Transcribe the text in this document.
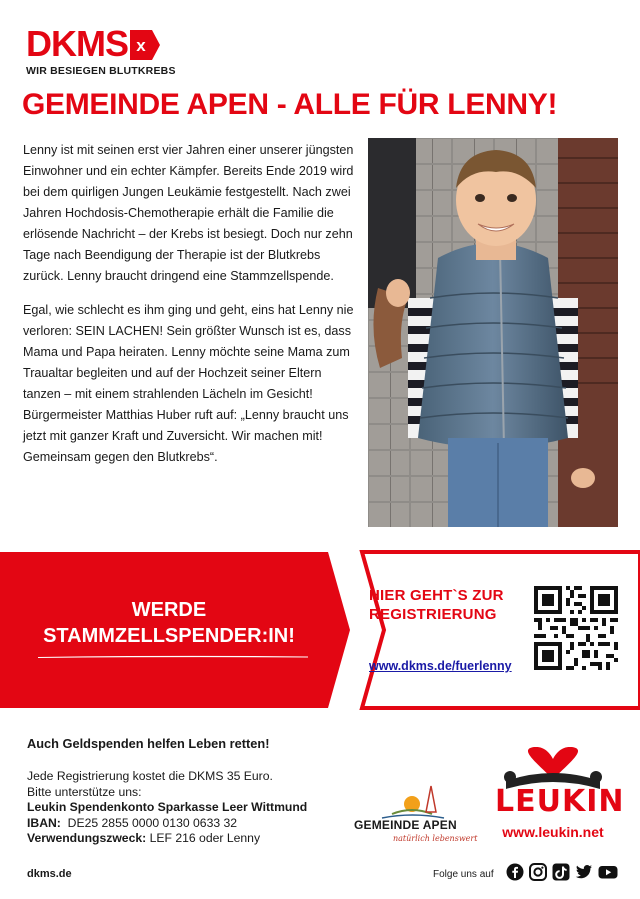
DKMS x
WIR BESIEGEN BLUTKREBS
GEMEINDE APEN - ALLE FÜR LENNY!

Lenny ist mit seinen erst vier Jahren einer unserer jüngsten Einwohner und ein echter Kämpfer. Bereits Ende 2019 wird bei dem quirligen Jungen Leukämie festgestellt. Nach zwei Jahren Hochdosis-Chemotherapie erhält die Familie die erlösende Nachricht – der Krebs ist besiegt. Doch nur zehn Tage nach Beendigung der Therapie ist der Blutkrebs zurück. Lenny braucht dringend eine Stammzellspende.

Egal, wie schlecht es ihm ging und geht, eins hat Lenny nie verloren: SEIN LACHEN! Sein größter Wunsch ist es, dass Mama und Papa heiraten. Lenny möchte seine Mama zum Traualtar begleiten und auf der Hochzeit seiner Eltern tanzen – mit einem strahlenden Lächeln im Gesicht! Bürgermeister Matthias Huber ruft auf: „Lenny braucht uns jetzt mit ganzer Kraft und Zuversicht. Wir machen mit! Gemeinsam gegen den Blutkrebs“.

WERDE
STAMMZELLSPENDER:IN!
HIER GEHT`S ZUR REGISTRIERUNG
www.dkms.de/fuerlenny
Auch Geldspenden helfen Leben retten!
Jede Registrierung kostet die DKMS 35 Euro.
Bitte unterstütze uns:
Leukin Spendenkonto Sparkasse Leer Wittmund
IBAN: DE25 2855 0000 0130 0633 32
Verwendungszweck: LEF 216 oder Lenny
GEMEINDE APEN
natürlich lebenswert
LEUKIN
www.leukin.net
dkms.de	Folge uns auf
